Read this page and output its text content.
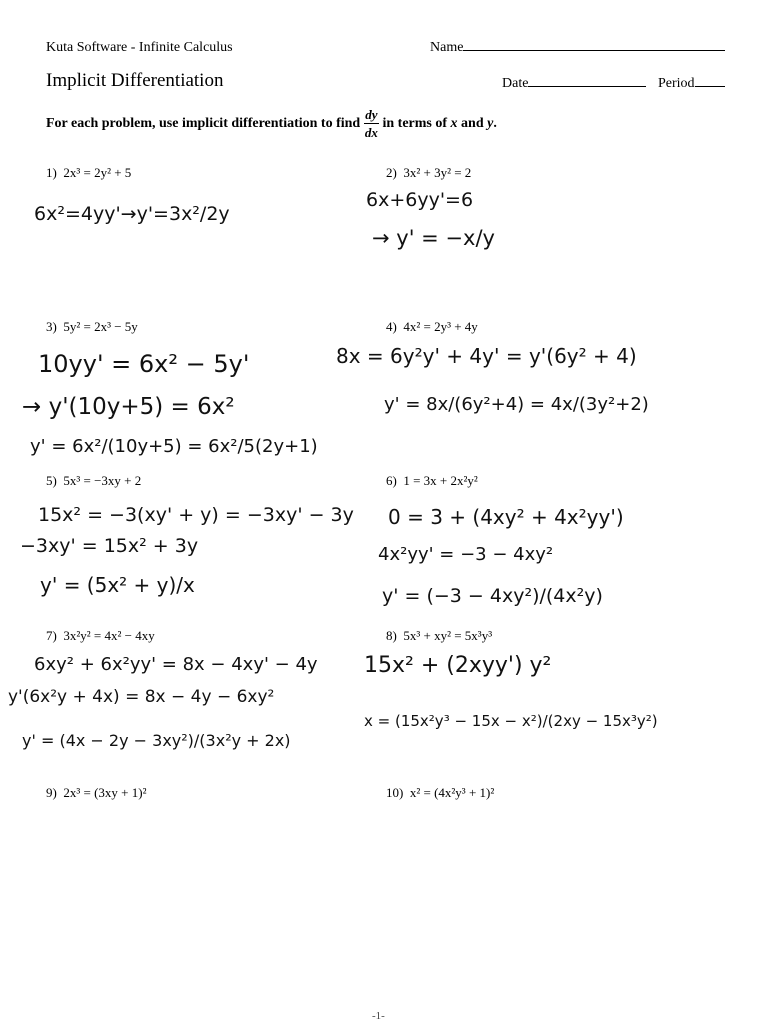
Kuta Software - Infinite Calculus	Name
Implicit Differentiation	Date	Period
For each problem, use implicit differentiation to find $\frac{dy}{dx}$ in terms of
x
and
y .
1) 2x³ = 2y² + 5	2) 3x² + 3y² = 2
3) 5y² = 2x³ − 5y	4) 4x² = 2y³ + 4y
5) 5x³ = −3xy + 2	6) 1 = 3x + 2x²y²
7) 3x²y² = 4x² − 4xy	8) 5x³ + xy² = 5x³y³
9) 2x³ = (3xy + 1)²	10) x² = (4x²y³ + 1)²
6x²=4yy'→y'=3x²/2y
6x+6yy'=6
→ y' = −x/y
10yy' = 6x² − 5y'
→ y'(10y+5) = 6x²
y' = 6x²/(10y+5) = 6x²/5(2y+1)
8x = 6y²y' + 4y' = y'(6y² + 4)
y' = 8x/(6y²+4) = 4x/(3y²+2)
15x² = −3(xy' + y) = −3xy' − 3y
−3xy' = 15x² + 3y
y' = (5x² + y)/x
0 = 3 + (4xy² + 4x²yy')
4x²yy' = −3 − 4xy²
y' = (−3 − 4xy²)/(4x²y)
6xy² + 6x²yy' = 8x − 4xy' − 4y
y'(6x²y + 4x) = 8x − 4y − 6xy²
y' = (4x − 2y − 3xy²)/(3x²y + 2x)
15x² + (2xyy') y²
x = (15x²y³ − 15x − x²)/(2xy − 15x³y²)
-1-
